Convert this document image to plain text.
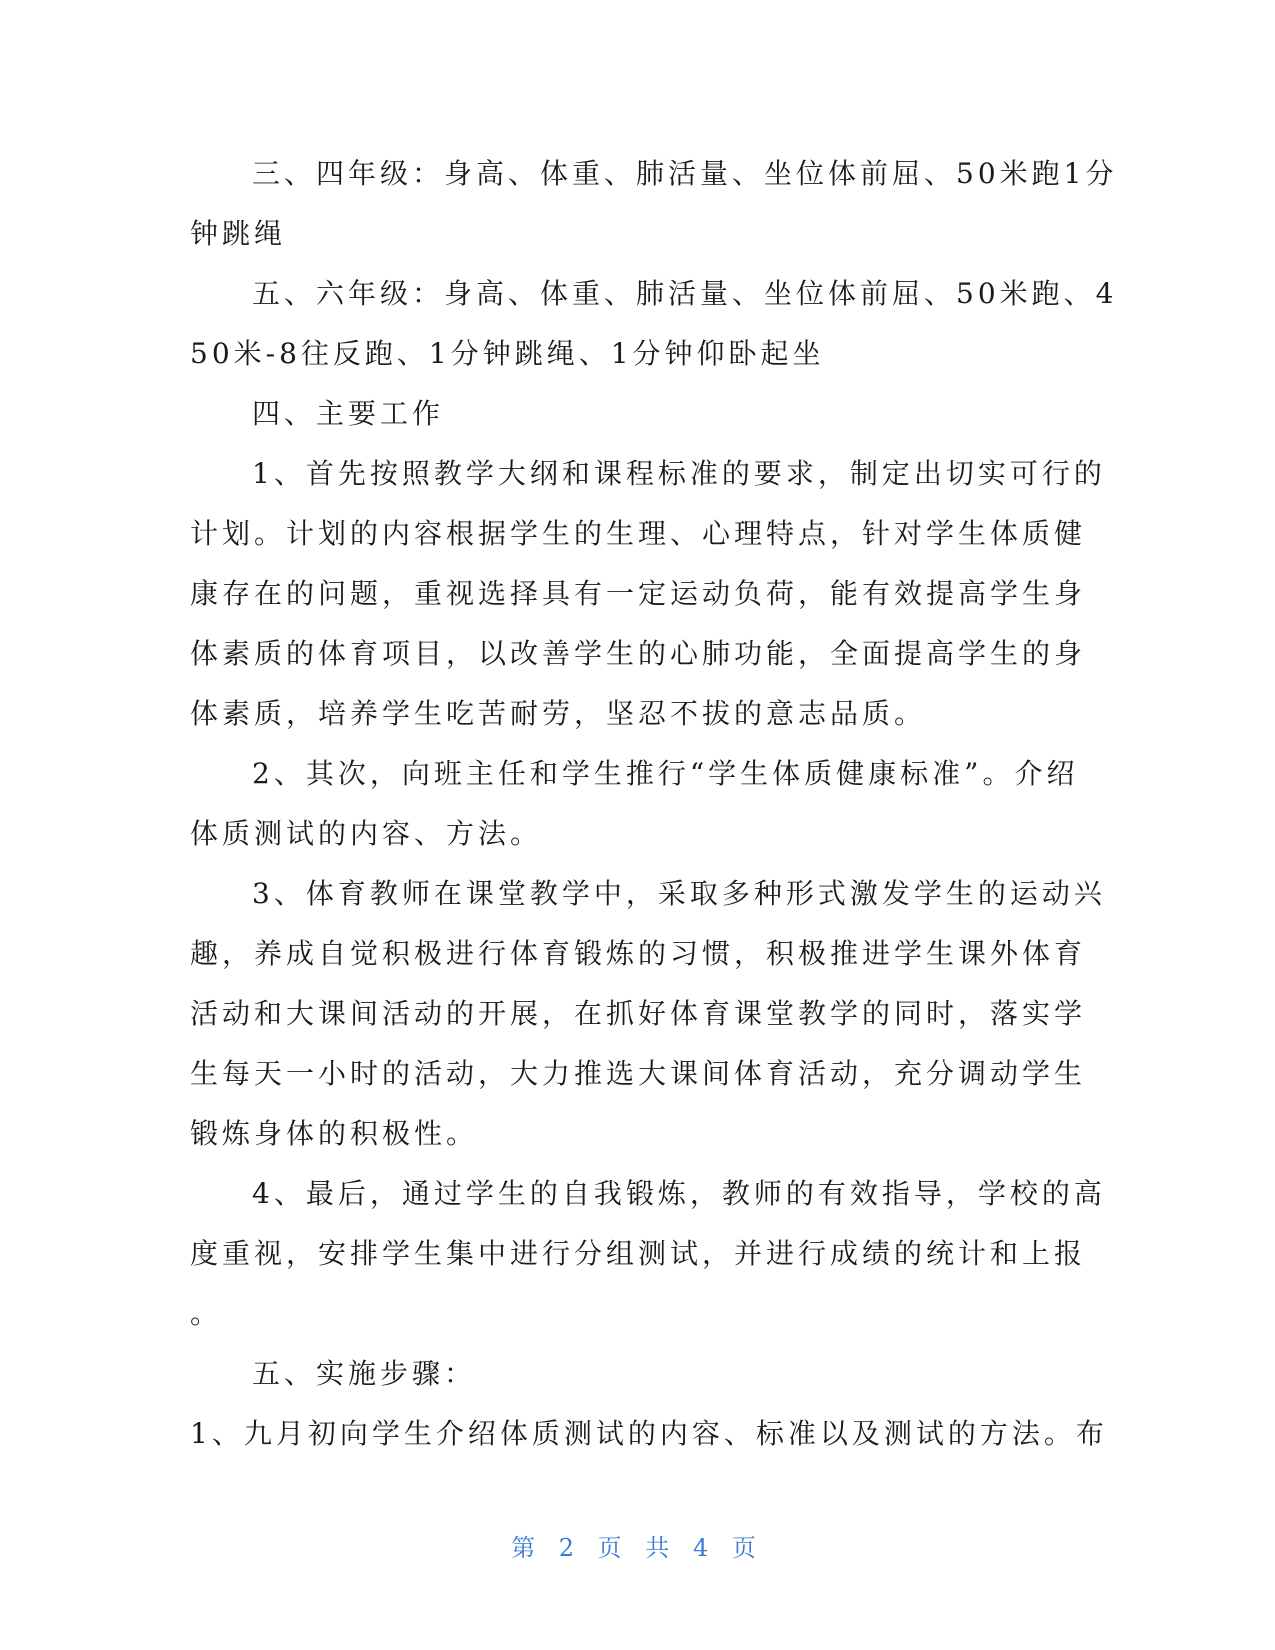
三、四年级：身高、体重、肺活量、坐位体前屈、50米跑1分
钟跳绳
五、六年级：身高、体重、肺活量、坐位体前屈、50米跑、4
50米-8往反跑、1分钟跳绳、1分钟仰卧起坐
四、主要工作
1、首先按照教学大纲和课程标准的要求，制定出切实可行的
计划。计划的内容根据学生的生理、心理特点，针对学生体质健
康存在的问题，重视选择具有一定运动负荷，能有效提高学生身
体素质的体育项目，以改善学生的心肺功能，全面提高学生的身
体素质，培养学生吃苦耐劳，坚忍不拔的意志品质。
2、其次，向班主任和学生推行“学生体质健康标准”。介绍
体质测试的内容、方法。
3、体育教师在课堂教学中，采取多种形式激发学生的运动兴
趣，养成自觉积极进行体育锻炼的习惯，积极推进学生课外体育
活动和大课间活动的开展，在抓好体育课堂教学的同时，落实学
生每天一小时的活动，大力推选大课间体育活动，充分调动学生
锻炼身体的积极性。
4、最后，通过学生的自我锻炼，教师的有效指导，学校的高
度重视，安排学生集中进行分组测试，并进行成绩的统计和上报
。
五、实施步骤：
1、九月初向学生介绍体质测试的内容、标准以及测试的方法。布
第 2 页 共 4 页
